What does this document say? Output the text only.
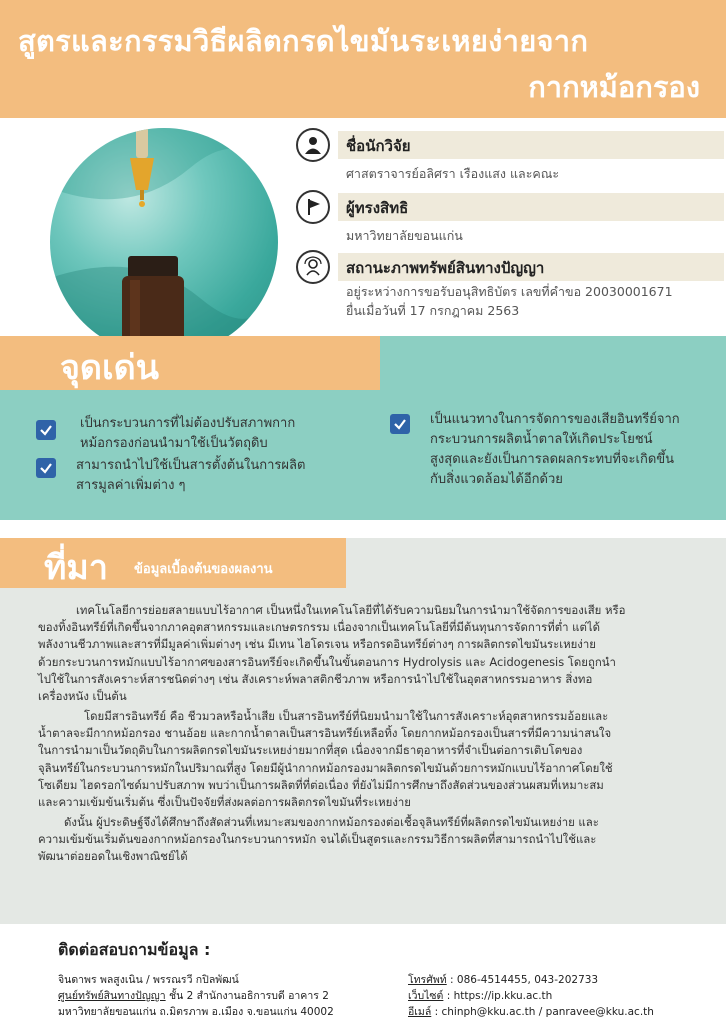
สูตรและกรรมวิธีผลิตกรดไขมันระเหยง่ายจาก
กากหม้อกรอง
ชื่อนักวิจัย
ศาสตราจารย์อลิศรา เรืองแสง และคณะ
ผู้ทรงสิทธิ
มหาวิทยาลัยขอนแก่น
สถานะภาพทรัพย์สินทางปัญญา
อยู่ระหว่างการขอรับอนุสิทธิบัตร เลขที่คำขอ 20030001671
ยื่นเมื่อวันที่ 17 กรกฎาคม 2563
จุดเด่น
เป็นกระบวนการที่ไม่ต้องปรับสภาพกาก
หม้อกรองก่อนนำมาใช้เป็นวัตถุดิบ
สามารถนำไปใช้เป็นสารตั้งต้นในการผลิต
สารมูลค่าเพิ่มต่าง ๆ
เป็นแนวทางในการจัดการของเสียอินทรีย์จาก
กระบวนการผลิตน้ำตาลให้เกิดประโยชน์
สูงสุดและยังเป็นการลดผลกระทบที่จะเกิดขึ้น
กับสิ่งแวดล้อมได้อีกด้วย
ที่มา ข้อมูลเบื้องต้นของผลงาน
เทคโนโลยีการย่อยสลายแบบไร้อากาศ เป็นหนึ่งในเทคโนโลยีที่ได้รับความนิยมในการนำมาใช้จัดการของเสีย หรือ
ของทิ้งอินทรีย์ที่เกิดขึ้นจากภาคอุตสาหกรรมและเกษตรกรรม เนื่องจากเป็นเทคโนโลยีที่มีต้นทุนการจัดการที่ต่ำ แต่ได้
พลังงานชีวภาพและสารที่มีมูลค่าเพิ่มต่างๆ เช่น มีเทน ไฮโดรเจน หรือกรดอินทรีย์ต่างๆ การผลิตกรดไขมันระเหยง่าย
ด้วยกระบวนการหมักแบบไร้อากาศของสารอินทรีย์จะเกิดขึ้นในขั้นตอนการ Hydrolysis และ Acidogenesis โดยถูกนำ
ไปใช้ในการสังเคราะห์สารชนิดต่างๆ เช่น สังเคราะห์พลาสติกชีวภาพ หรือการนำไปใช้ในอุตสาหกรรมอาหาร สิ่งทอ
เครื่องหนัง เป็นต้น
โดยมีสารอินทรีย์ คือ ชีวมวลหรือน้ำเสีย เป็นสารอินทรีย์ที่นิยมนำมาใช้ในการสังเคราะห์อุตสาหกรรมอ้อยและ
น้ำตาลจะมีกากหม้อกรอง ชานอ้อย และกากน้ำตาลเป็นสารอินทรีย์เหลือทิ้ง โดยกากหม้อกรองเป็นสารที่มีความน่าสนใจ
ในการนำมาเป็นวัตถุดิบในการผลิตกรดไขมันระเหยง่ายมากที่สุด เนื่องจากมีธาตุอาหารที่จำเป็นต่อการเติบโตของ
จุลินทรีย์ในกระบวนการหมักในปริมาณที่สูง โดยมีผู้นำกากหม้อกรองมาผลิตกรดไขมันด้วยการหมักแบบไร้อากาศโดยใช้
โซเดียม ไฮดรอกไซด์มาปรับสภาพ พบว่าเป็นการผลิตที่ที่ต่อเนื่อง ที่ยังไม่มีการศึกษาถึงสัดส่วนของส่วนผสมที่เหมาะสม
และความเข้มข้นเริ่มต้น ซึ่งเป็นปัจจัยที่ส่งผลต่อการผลิตกรดไขมันที่ระเหยง่าย
ดังนั้น ผู้ประดิษฐ์จึงได้ศึกษาถึงสัดส่วนที่เหมาะสมของกากหม้อกรองต่อเชื้อจุลินทรีย์ที่ผลิตกรดไขมันเหยง่าย และ
ความเข้มข้นเริ่มต้นของกากหม้อกรองในกระบวนการหมัก จนได้เป็นสูตรและกรรมวิธีการผลิตที่สามารถนำไปใช้และ
พัฒนาต่อยอดในเชิงพาณิชย์ได้
ติดต่อสอบถามข้อมูล :
จินดาพร พลสูงเนิน / พรรณรวี กปิลพัฒน์
ศูนย์ทรัพย์สินทางปัญญา ชั้น 2 สำนักงานอธิการบดี อาคาร 2
มหาวิทยาลัยขอนแก่น ถ.มิตรภาพ อ.เมือง จ.ขอนแก่น 40002
โทรศัพท์ : 086-4514455, 043-202733
เว็บไซต์ : https://ip.kku.ac.th
อีเมล์ : chinph@kku.ac.th / panravee@kku.ac.th
